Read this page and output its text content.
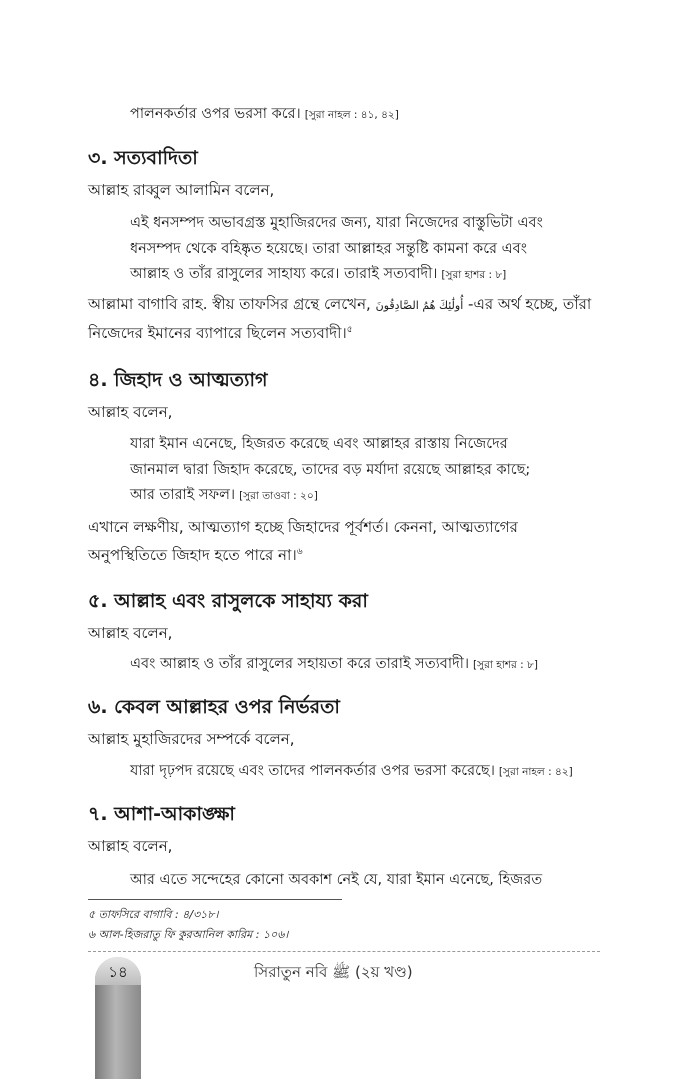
পালনকর্তার ওপর ভরসা করে। [সুরা নাহল : ৪১, ৪২]
৩. সত্যবাদিতা
আল্লাহ রাব্বুল আলামিন বলেন,
এই ধনসম্পদ অভাবগ্রস্ত মুহাজিরদের জন্য, যারা নিজেদের বাস্তুভিটা এবং
ধনসম্পদ থেকে বহিষ্কৃত হয়েছে। তারা আল্লাহর সন্তুষ্টি কামনা করে এবং
আল্লাহ ও তাঁর রাসুলের সাহায্য করে। তারাই সত্যবাদী। [সুরা হাশর : ৮]
আল্লামা বাগাবি রাহ. স্বীয় তাফসির গ্রন্থে লেখেন, أُولَٰئِكَ هُمُ الصَّادِقُونَ -এর অর্থ হচ্ছে, তাঁরা
নিজেদের ইমানের ব্যাপারে ছিলেন সত্যবাদী।$^৫$
৪. জিহাদ ও আত্মত্যাগ
আল্লাহ বলেন,
যারা ইমান এনেছে, হিজরত করেছে এবং আল্লাহর রাস্তায় নিজেদের
জানমাল দ্বারা জিহাদ করেছে, তাদের বড় মর্যাদা রয়েছে আল্লাহর কাছে;
আর তারাই সফল। [সুরা তাওবা : ২০]
এখানে লক্ষণীয়, আত্মত্যাগ হচ্ছে জিহাদের পূর্বশর্ত। কেননা, আত্মত্যাগের
অনুপস্থিতিতে জিহাদ হতে পারে না।$^৬$
৫. আল্লাহ এবং রাসুলকে সাহায্য করা
আল্লাহ বলেন,
এবং আল্লাহ ও তাঁর রাসুলের সহায়তা করে তারাই সত্যবাদী। [সুরা হাশর : ৮]
৬. কেবল আল্লাহর ওপর নির্ভরতা
আল্লাহ মুহাজিরদের সম্পর্কে বলেন,
যারা দৃঢ়পদ রয়েছে এবং তাদের পালনকর্তার ওপর ভরসা করেছে। [সুরা নাহল : ৪২]
৭. আশা-আকাঙ্ক্ষা
আল্লাহ বলেন,
আর এতে সন্দেহের কোনো অবকাশ নেই যে, যারা ইমান এনেছে, হিজরত
৫ তাফসিরে বাগাবি : ৪/৩১৮।
৬ আল-হিজরাতু ফি কুরআনিল কারিম : ১০৬।
১৪	সিরাতুন নবি ﷺ (২য় খণ্ড)
